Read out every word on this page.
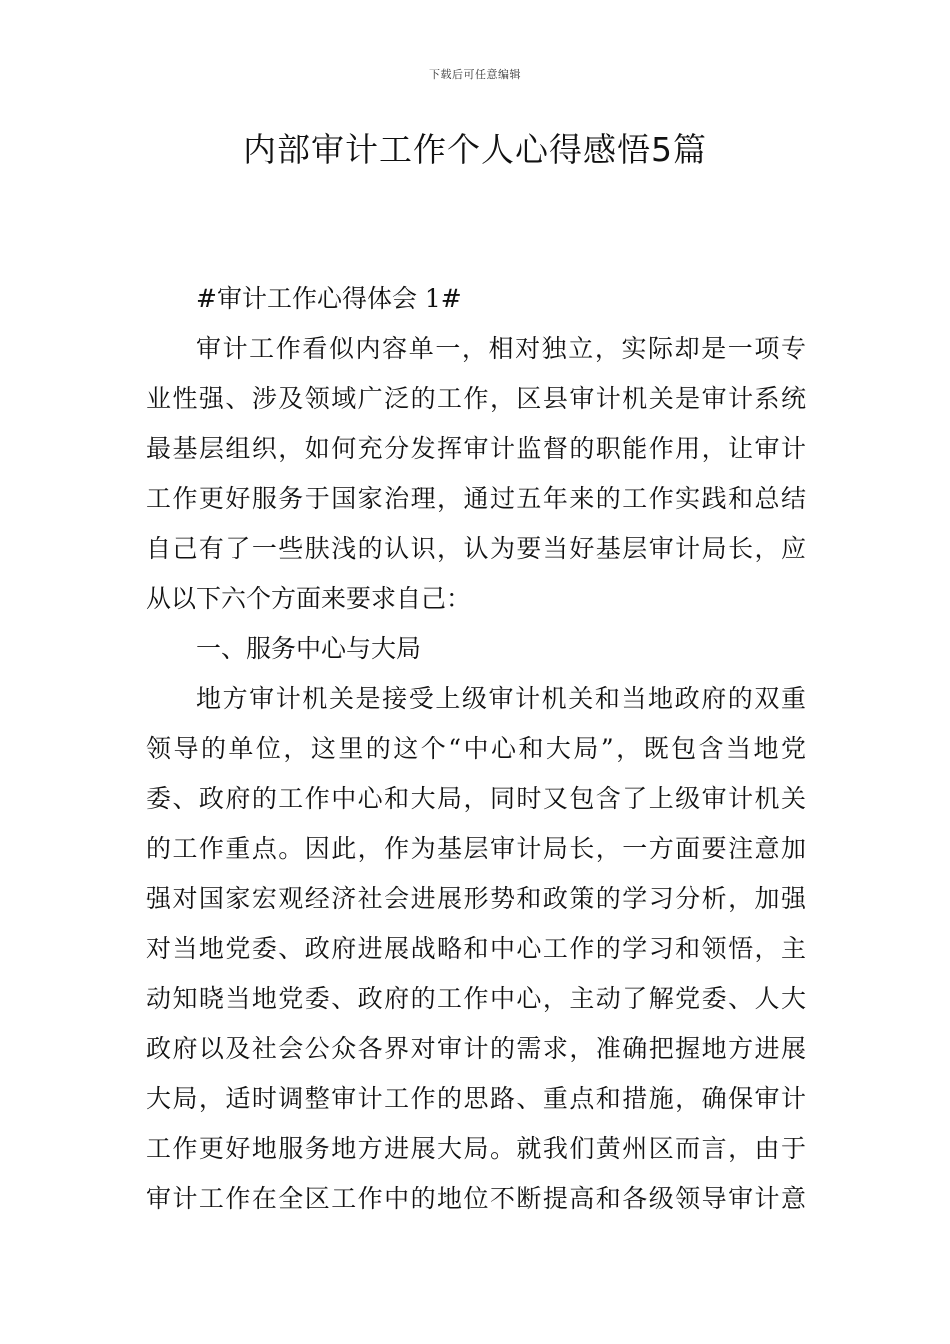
下载后可任意编辑
内部审计工作个人心得感悟5篇
#审计工作心得体会 1#
审计工作看似内容单一，相对独立，实际却是一项专
业性强、涉及领域广泛的工作，区县审计机关是审计系统
最基层组织，如何充分发挥审计监督的职能作用，让审计
工作更好服务于国家治理，通过五年来的工作实践和总结
自己有了一些肤浅的认识，认为要当好基层审计局长，应
从以下六个方面来要求自己：
一、服务中心与大局
地方审计机关是接受上级审计机关和当地政府的双重
领导的单位，这里的这个“中心和大局”，既包含当地党
委、政府的工作中心和大局，同时又包含了上级审计机关
的工作重点。因此，作为基层审计局长，一方面要注意加
强对国家宏观经济社会进展形势和政策的学习分析，加强
对当地党委、政府进展战略和中心工作的学习和领悟，主
动知晓当地党委、政府的工作中心，主动了解党委、人大
政府以及社会公众各界对审计的需求，准确把握地方进展
大局，适时调整审计工作的思路、重点和措施，确保审计
工作更好地服务地方进展大局。就我们黄州区而言，由于
审计工作在全区工作中的地位不断提高和各级领导审计意
